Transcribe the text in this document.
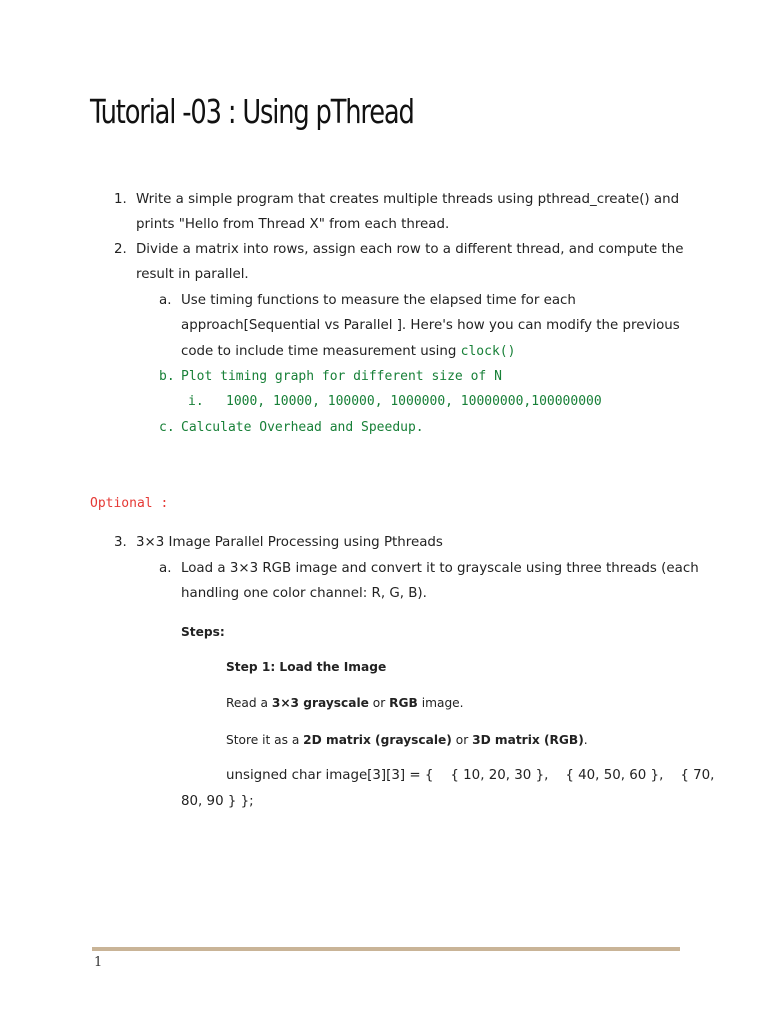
Tutorial -03 : Using pThread
1. Write a simple program that creates multiple threads using pthread_create() and
prints "Hello from Thread X" from each thread.
2. Divide a matrix into rows, assign each row to a different thread, and compute the
result in parallel.
a. Use timing functions to measure the elapsed time for each
approach[Sequential vs Parallel ]. Here's how you can modify the previous
code to include time measurement using clock()
b. Plot timing graph for different size of N
i. 1000, 10000, 100000, 1000000, 10000000,100000000
c. Calculate Overhead and Speedup.
Optional :
3. 3×3 Image Parallel Processing using Pthreads
a. Load a 3×3 RGB image and convert it to grayscale using three threads (each
handling one color channel: R, G, B).
Steps:
Step 1: Load the Image
Read a 3×3 grayscale or RGB image.
Store it as a 2D matrix (grayscale) or 3D matrix (RGB).
unsigned char image[3][3] = {    { 10, 20, 30 },    { 40, 50, 60 },    { 70,
80, 90 } };
1
